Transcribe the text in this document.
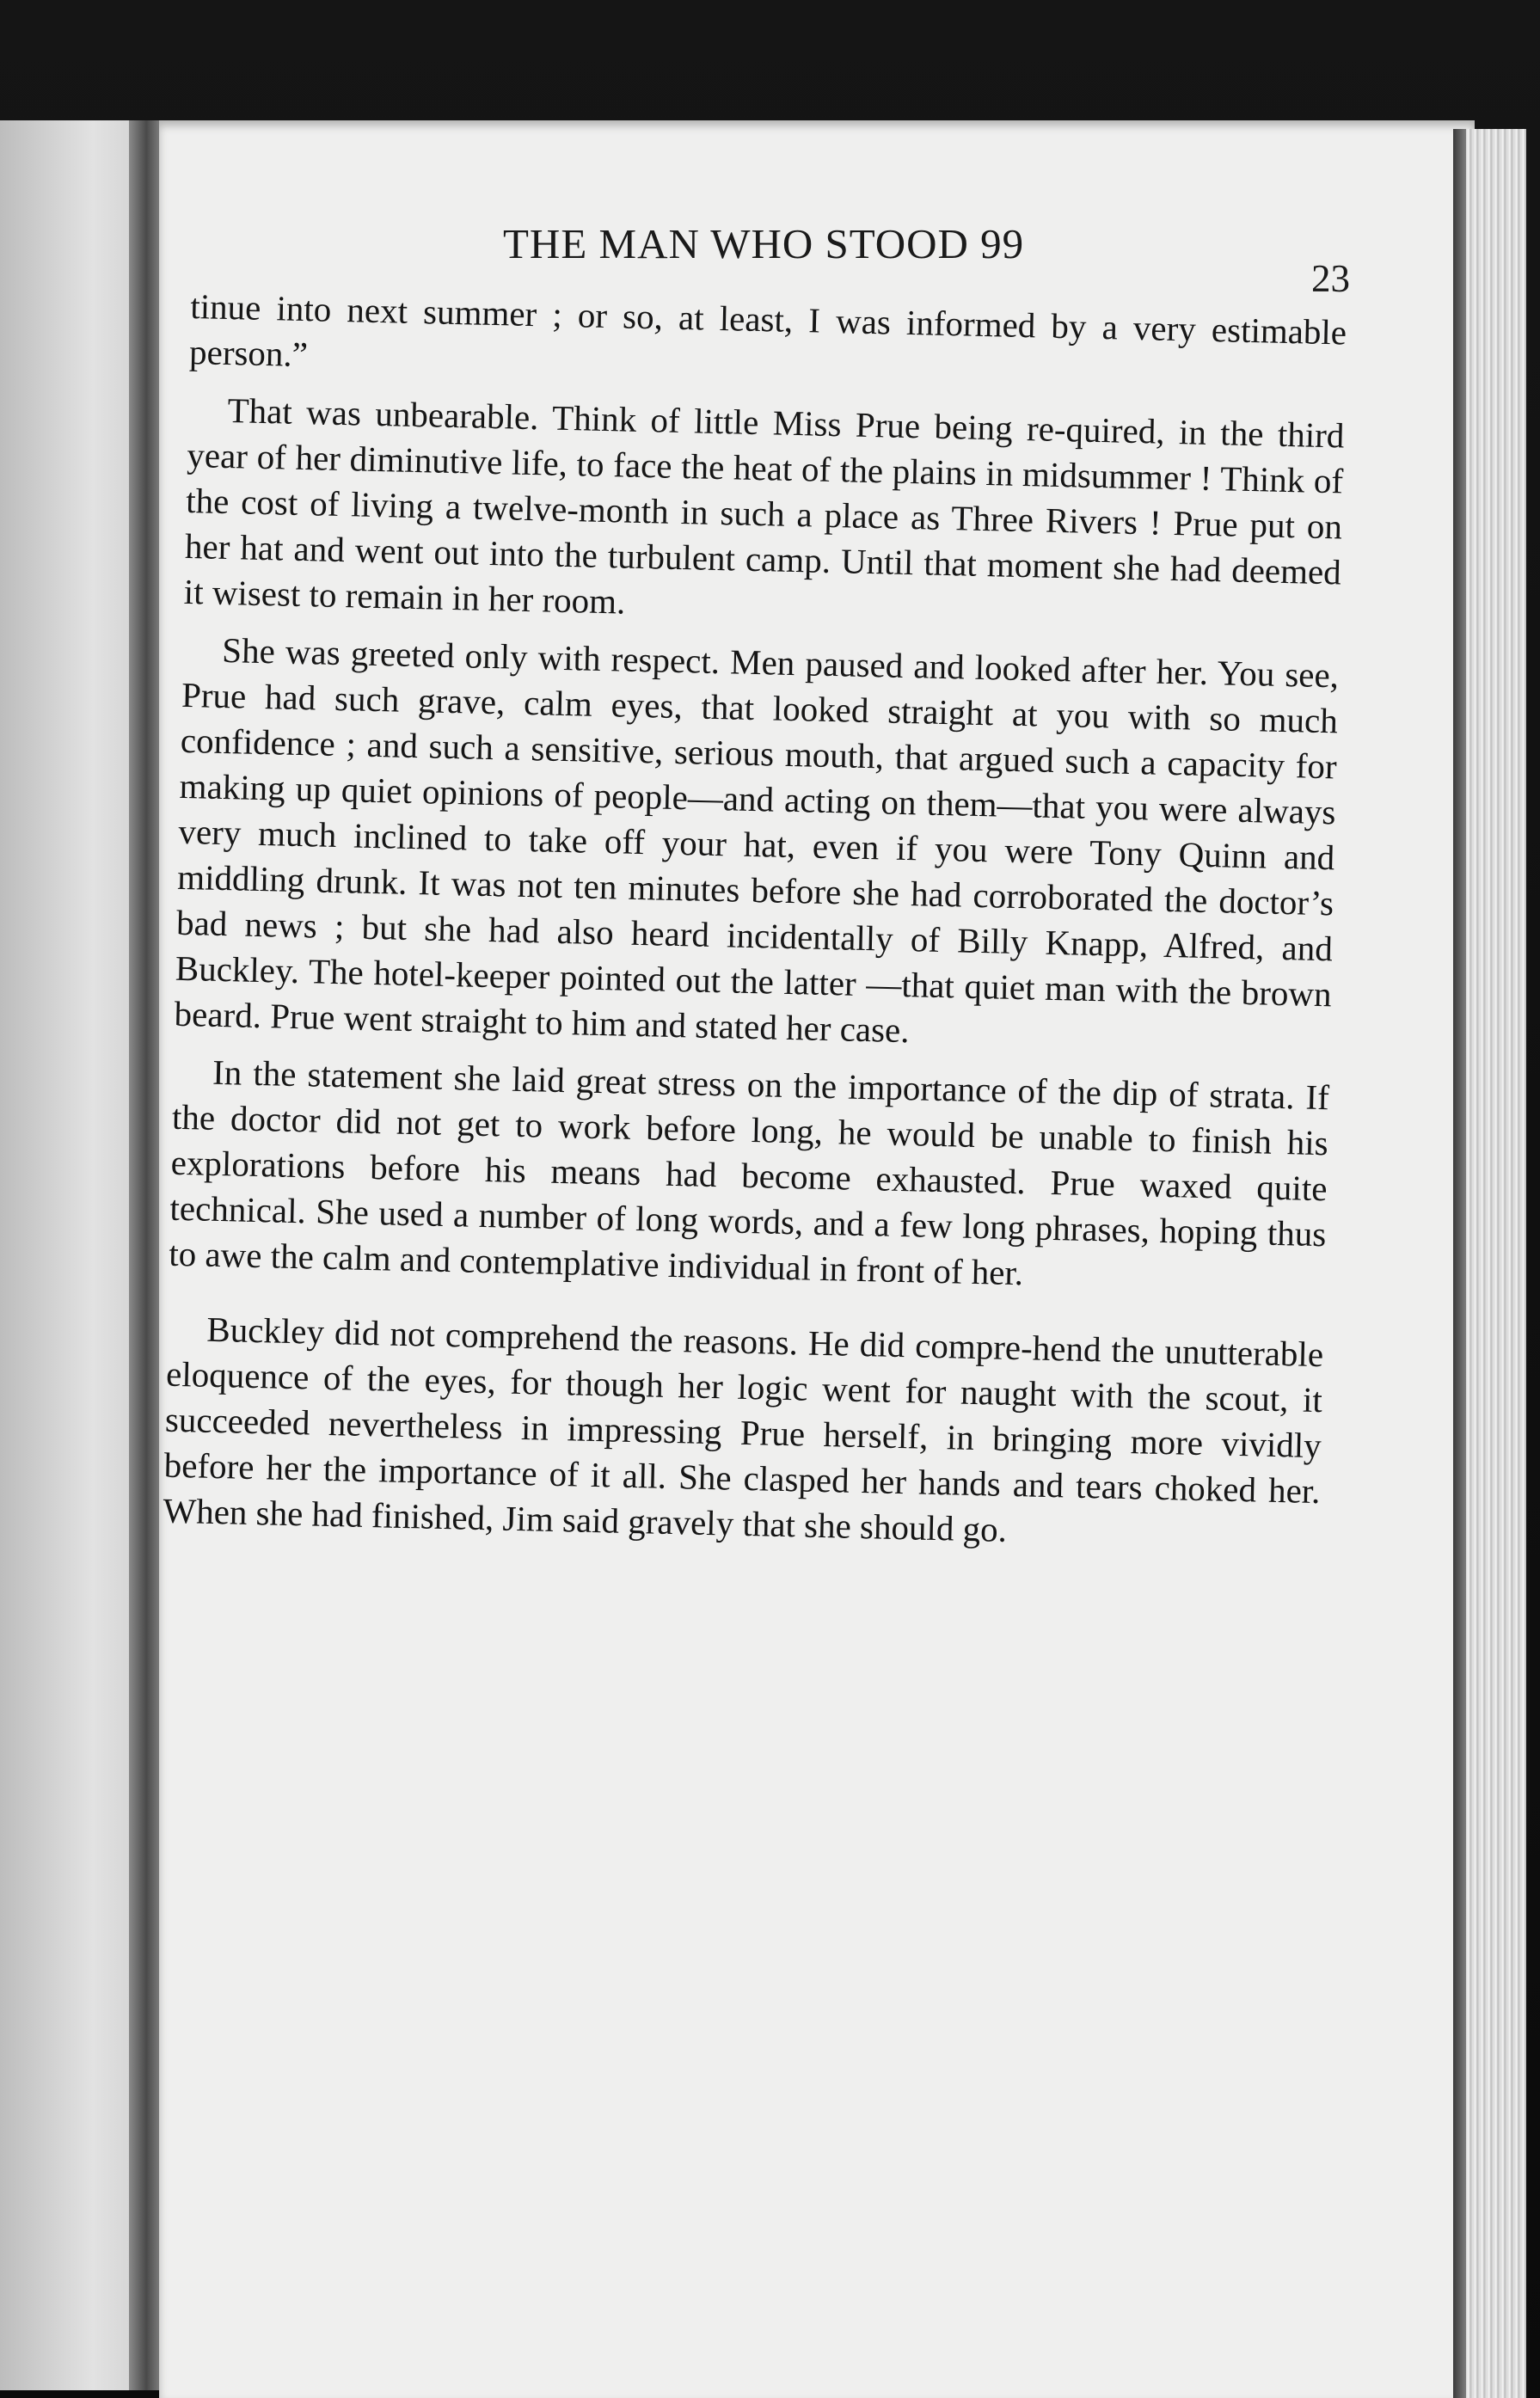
THE MAN WHO STOOD 99
23

tinue into next summer ; or so, at least, I was informed by a very estimable person.”

That was unbearable. Think of little Miss Prue being re-quired, in the third year of her diminutive life, to face the heat of the plains in midsummer ! Think of the cost of living a twelve-month in such a place as Three Rivers ! Prue put on her hat and went out into the turbulent camp. Until that moment she had deemed it wisest to remain in her room.

She was greeted only with respect. Men paused and looked after her. You see, Prue had such grave, calm eyes, that looked straight at you with so much confidence ; and such a sensitive, serious mouth, that argued such a capacity for making up quiet opinions of people—and acting on them—that you were always very much inclined to take off your hat, even if you were Tony Quinn and middling drunk. It was not ten minutes before she had corroborated the doctor’s bad news ; but she had also heard incidentally of Billy Knapp, Alfred, and Buckley. The hotel-keeper pointed out the latter —that quiet man with the brown beard. Prue went straight to him and stated her case.

In the statement she laid great stress on the importance of the dip of strata. If the doctor did not get to work before long, he would be unable to finish his explorations before his means had become exhausted. Prue waxed quite technical. She used a number of long words, and a few long phrases, hoping thus to awe the calm and contemplative individual in front of her.

Buckley did not comprehend the reasons. He did compre-hend the unutterable eloquence of the eyes, for though her logic went for naught with the scout, it succeeded nevertheless in impressing Prue herself, in bringing more vividly before her the importance of it all. She clasped her hands and tears choked her. When she had finished, Jim said gravely that she should go.
